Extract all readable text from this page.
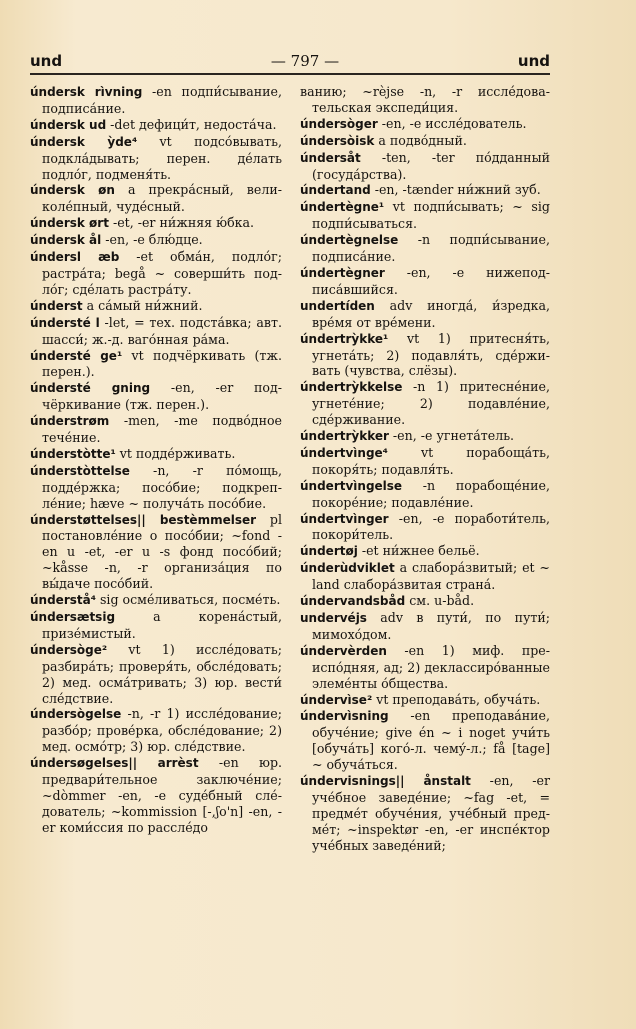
und	— 797 —	und

úndersk rìvning -en подпи́сывание, подписа́ние.

úndersk ud -det дефици́т, недоста́ча.

úndersk ỳde⁴ vt подсо́вывать, подкла́дывать; перен. де́лать подло́г, подменя́ть.

úndersk øn a прекра́сный, великоле́пный, чуде́сный.

úndersk ørt -et, -er ни́жняя ю́бка.

úndersk ål -en, -e блю́дце.

úndersl æb -et обма́н, подло́г; растра́та; begå ~ соверши́ть подло́г; сде́лать растра́ту.

únderst a са́мый ни́жний.

úndersté l -let, = тех. подста́вка; авт. шасси́; ж.-д. ваго́нная ра́ма.

úndersté ge¹ vt подчёркивать (тж. перен.).

úndersté gning -en, -er подчёркивание (тж. перен.).

únderstrøm -men, -me подво́дное тече́ние.

únderstòtte¹ vt подде́рживать.

únderstòttelse -n, -r по́мощь, подде́ржка; посо́бие; подкрепле́ние; hæve ~ получа́ть посо́бие.

únderstøttelses|| bestèmmelser pl постановле́ние о посо́бии; ~fond -en u -et, -er u -s фонд посо́бий; ~kåsse -n, -r организа́ция по вы́даче посо́бий.

únderstå⁴ sig осме́ливаться, посме́ть.

úndersætsig a корена́стый, призе́мистый.

úndersòge² vt 1) иссле́довать; разбира́ть; проверя́ть, обсле́довать; 2) мед. осма́тривать; 3) юр. вести́ сле́дствие.

úndersògelse -n, -r 1) иссле́дование; разбо́р; прове́рка, обсле́дование; 2) мед. осмо́тр; 3) юр. сле́дствие.

úndersøgelses|| arrèst -en юр. предвари́тельное заключе́ние; ~dòmmer -en, -e суде́бный сле́дователь; ~kommission [-,ʃo'n] -en, -er коми́ссия по рассле́до

ванию; ~rèjse -n, -r иссле́довательская экспеди́ция.

úndersòger -en, -e иссле́дователь.

úndersòisk a подво́дный.

úndersåt -ten, -ter по́дданный (госуда́рства).

úndertand -en, -tænder ни́жний зуб.

úndertègne¹ vt подпи́сывать; ~ sig подпи́сываться.

úndertègnelse -n подпи́сывание, подписа́ние.

úndertègner -en, -e нижеподписа́вшийся.

undertíden adv иногда́, и́зредка, вре́мя от вре́мени.

úndertrỳkke¹ vt 1) притесня́ть, угнета́ть; 2) подавля́ть, сде́рживать (чувства, слёзы).

úndertrỳkkelse -n 1) притесне́ние, угнете́ние; 2) подавле́ние, сде́рживание.

úndertrỳkker -en, -e угнета́тель.

úndertvìnge⁴ vt порабоща́ть, покоря́ть; подавля́ть.

úndertvìngelse -n порабоще́ние, покоре́ние; подавле́ние.

úndertvìnger -en, -e поработи́тель, покори́тель.

úndertøj -et ни́жнее бельё.

únderùdviklet a слабора́звитый; et ~ land слабора́звитая страна́.

úndervandsbåd см. u-båd.

undervéjs adv в пути́, по пути́; мимохо́дом.

úndervèrden -en 1) миф. преиспо́дняя, ад; 2) деклассиро́ванные элеме́нты о́бщества.

úndervìse² vt преподава́ть, обуча́ть.

úndervìsning -en преподава́ние, обуче́ние; give én ~ i noget учи́ть [обуча́ть] кого́-л. чему́-л.; få [tage] ~ обуча́ться.

úndervisnings|| ånstalt -en, -er уче́бное заведе́ние; ~fag -et, = предме́т обуче́ния, уче́бный предме́т; ~inspektør -en, -er инспе́ктор уче́бных заведе́ний;
